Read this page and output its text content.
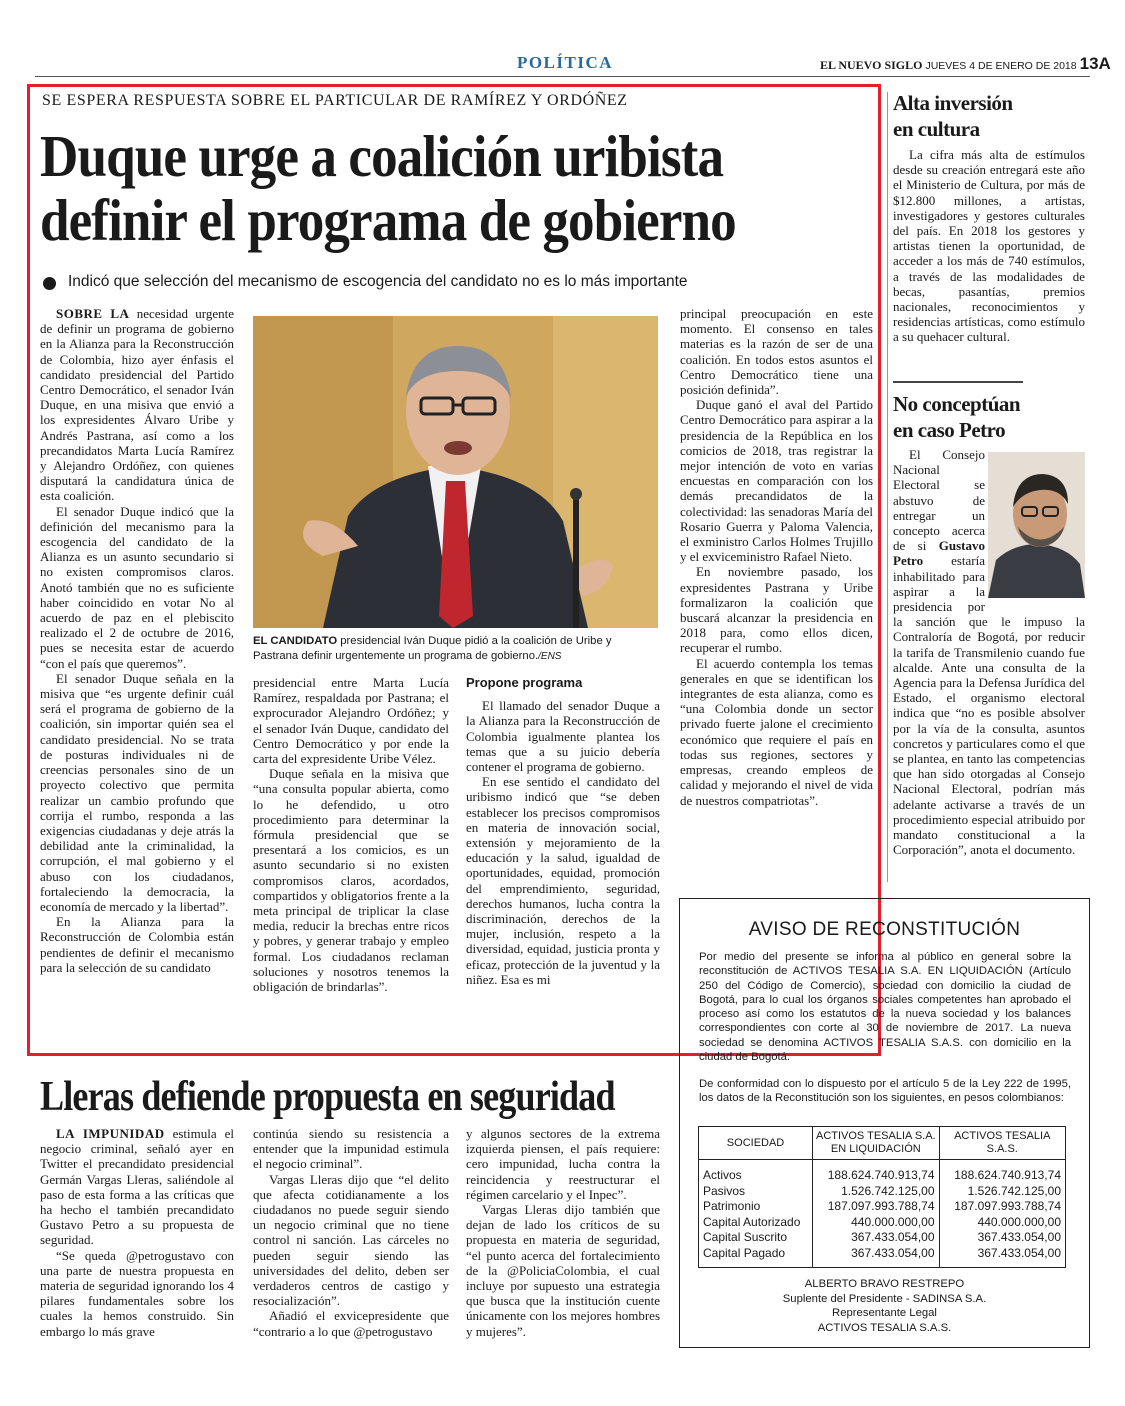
POLÍTICA	EL NUEVO SIGLO JUEVES 4 DE ENERO DE 2018 13A
SE ESPERA RESPUESTA SOBRE EL PARTICULAR DE RAMÍREZ Y ORDÓÑEZ
Duque urge a coalición uribista
definir el programa de gobierno
Indicó que selección del mecanismo de escogencia del candidato no es lo más importante

SOBRE LA necesidad urgente de definir un programa de gobierno en la Alianza para la Reconstrucción de Colombia, hizo ayer énfasis el candidato presidencial del Partido Centro Democrático, el senador Iván Duque, en una misiva que envió a los expresidentes Álvaro Uribe y Andrés Pastrana, así como a los precandidatos Marta Lucía Ramírez y Alejandro Ordóñez, con quienes disputará la candidatura única de esta coalición.

El senador Duque indicó que la definición del mecanismo para la escogencia del candidato de la Alianza es un asunto secundario si no existen compromisos claros. Anotó también que no es suficiente haber coincidido en votar No al acuerdo de paz en el plebiscito realizado el 2 de octubre de 2016, pues se necesita estar de acuerdo “con el país que queremos”.

El senador Duque señala en la misiva que “es urgente definir cuál será el programa de gobierno de la coalición, sin importar quién sea el candidato presidencial. No se trata de posturas individuales ni de creencias personales sino de un proyecto colectivo que permita realizar un cambio profundo que corrija el rumbo, responda a las exigencias ciudadanas y deje atrás la debilidad ante la criminalidad, la corrupción, el mal gobierno y el abuso con los ciudadanos, fortaleciendo la democracia, la economía de mercado y la libertad”.

En la Alianza para la Reconstrucción de Colombia están pendientes de definir el mecanismo para la selección de su candidato

EL CANDIDATO presidencial Iván Duque pidió a la coalición de Uribe y Pastrana definir urgentemente un programa de gobierno./ENS

presidencial entre Marta Lucía Ramírez, respaldada por Pastrana; el exprocurador Alejandro Ordóñez; y el senador Iván Duque, candidato del Centro Democrático y por ende la carta del expresidente Uribe Vélez.

Duque señala en la misiva que “una consulta popular abierta, como lo he defendido, u otro procedimiento para determinar la fórmula presidencial que se presentará a los comicios, es un asunto secundario si no existen compromisos claros, acordados, compartidos y obligatorios frente a la meta principal de triplicar la clase media, reducir la brechas entre ricos y pobres, y generar trabajo y empleo formal. Los ciudadanos reclaman soluciones y nosotros tenemos la obligación de brindarlas”.

Propone programa

El llamado del senador Duque a la Alianza para la Reconstrucción de Colombia igualmente plantea los temas que a su juicio debería contener el programa de gobierno.

En ese sentido el candidato del uribismo indicó que “se deben establecer los precisos compromisos en materia de innovación social, extensión y mejoramiento de la educación y la salud, igualdad de oportunidades, equidad, promoción del emprendimiento, seguridad, derechos humanos, lucha contra la discriminación, derechos de la mujer, inclusión, respeto a la diversidad, equidad, justicia pronta y eficaz, protección de la juventud y la niñez. Esa es mi

principal preocupación en este momento. El consenso en tales materias es la razón de ser de una coalición. En todos estos asuntos el Centro Democrático tiene una posición definida”.

Duque ganó el aval del Partido Centro Democrático para aspirar a la presidencia de la República en los comicios de 2018, tras registrar la mejor intención de voto en varias encuestas en comparación con los demás precandidatos de la colectividad: las senadoras María del Rosario Guerra y Paloma Valencia, el exministro Carlos Holmes Trujillo y el exviceministro Rafael Nieto.

En noviembre pasado, los expresidentes Pastrana y Uribe formalizaron la coalición que buscará alcanzar la presidencia en 2018 para, como ellos dicen, recuperar el rumbo.

El acuerdo contempla los temas generales en que se identifican los integrantes de esta alianza, como es “una Colombia donde un sector privado fuerte jalone el crecimiento económico que requiere el país en todas sus regiones, sectores y empresas, creando empleos de calidad y mejorando el nivel de vida de nuestros compatriotas”.

Alta inversión
en cultura

La cifra más alta de estímulos desde su creación entregará este año el Ministerio de Cultura, por más de $12.800 millones, a artistas, investigadores y gestores culturales del país. En 2018 los gestores y artistas tienen la oportunidad, de acceder a los más de 740 estímulos, a través de las modalidades de becas, pasantías, premios nacionales, reconocimientos y residencias artísticas, como estímulo a su quehacer cultural.

No conceptúan
en caso Petro
El Consejo Nacional Electoral se abstuvo de entregar un concepto acerca de si Gustavo Petro estaría inhabilitado para aspirar a la presidencia por la sanción que le impuso la Contraloría de Bogotá, por reducir la tarifa de Transmilenio cuando fue alcalde. Ante una consulta de la Agencia para la Defensa Jurídica del Estado, el organismo electoral indica que “no es posible absolver por la vía de la consulta, asuntos concretos y particulares como el que se plantea, en tanto las competencias que han sido otorgadas al Consejo Nacional Electoral, podrían más adelante activarse a través de un procedimiento especial atribuido por mandato constitucional a la Corporación”, anota el documento.
Lleras defiende propuesta en seguridad

LA IMPUNIDAD estimula el negocio criminal, señaló ayer en Twitter el precandidato presidencial Germán Vargas Lleras, saliéndole al paso de esta forma a las críticas que ha hecho el también precandidato Gustavo Petro a su propuesta de seguridad.

“Se queda @petrogustavo con una parte de nuestra propuesta en materia de seguridad ignorando los 4 pilares fundamentales sobre los cuales la hemos construido. Sin embargo lo más grave

continúa siendo su resistencia a entender que la impunidad estimula el negocio criminal”.

Vargas Lleras dijo que “el delito que afecta cotidianamente a los ciudadanos no puede seguir siendo un negocio criminal que no tiene control ni sanción. Las cárceles no pueden seguir siendo las universidades del delito, deben ser verdaderos centros de castigo y resocialización”.

Añadió el exvicepresidente que “contrario a lo que @petrogustavo

y algunos sectores de la extrema izquierda piensen, el país requiere: cero impunidad, lucha contra la reincidencia y reestructurar el régimen carcelario y el Inpec”.

Vargas Lleras dijo también que dejan de lado los críticos de su propuesta en materia de seguridad, “el punto acerca del fortalecimiento de la @PoliciaColombia, el cual incluye por supuesto una estrategia que busca que la institución cuente únicamente con los mejores hombres y mujeres”.

AVISO DE RECONSTITUCIÓN
Por medio del presente se informa al público en general sobre la reconstitución de ACTIVOS TESALIA S.A. EN LIQUIDACIÓN (Artículo 250 del Código de Comercio), sociedad con domicilio la ciudad de Bogotá, para lo cual los órganos sociales competentes han aprobado el proceso así como los estatutos de la nueva sociedad y los balances correspondientes con corte al 30 de noviembre de 2017. La nueva sociedad se denomina ACTIVOS TESALIA S.A.S. con domicilio en la ciudad de Bogotá.
De conformidad con lo dispuesto por el artículo 5 de la Ley 222 de 1995, los datos de la Reconstitución son los siguientes, en pesos colombianos:
SOCIEDAD	ACTIVOS TESALIA S.A. EN LIQUIDACIÓN	ACTIVOS TESALIA S.A.S.
Activos	188.624.740.913,74	188.624.740.913,74
Pasivos	1.526.742.125,00	1.526.742.125,00
Patrimonio	187.097.993.788,74	187.097.993.788,74
Capital Autorizado	440.000.000,00	440.000.000,00
Capital Suscrito	367.433.054,00	367.433.054,00
Capital Pagado	367.433.054,00	367.433.054,00

ALBERTO BRAVO RESTREPO
Suplente del Presidente - SADINSA S.A.
Representante Legal
ACTIVOS TESALIA S.A.S.
